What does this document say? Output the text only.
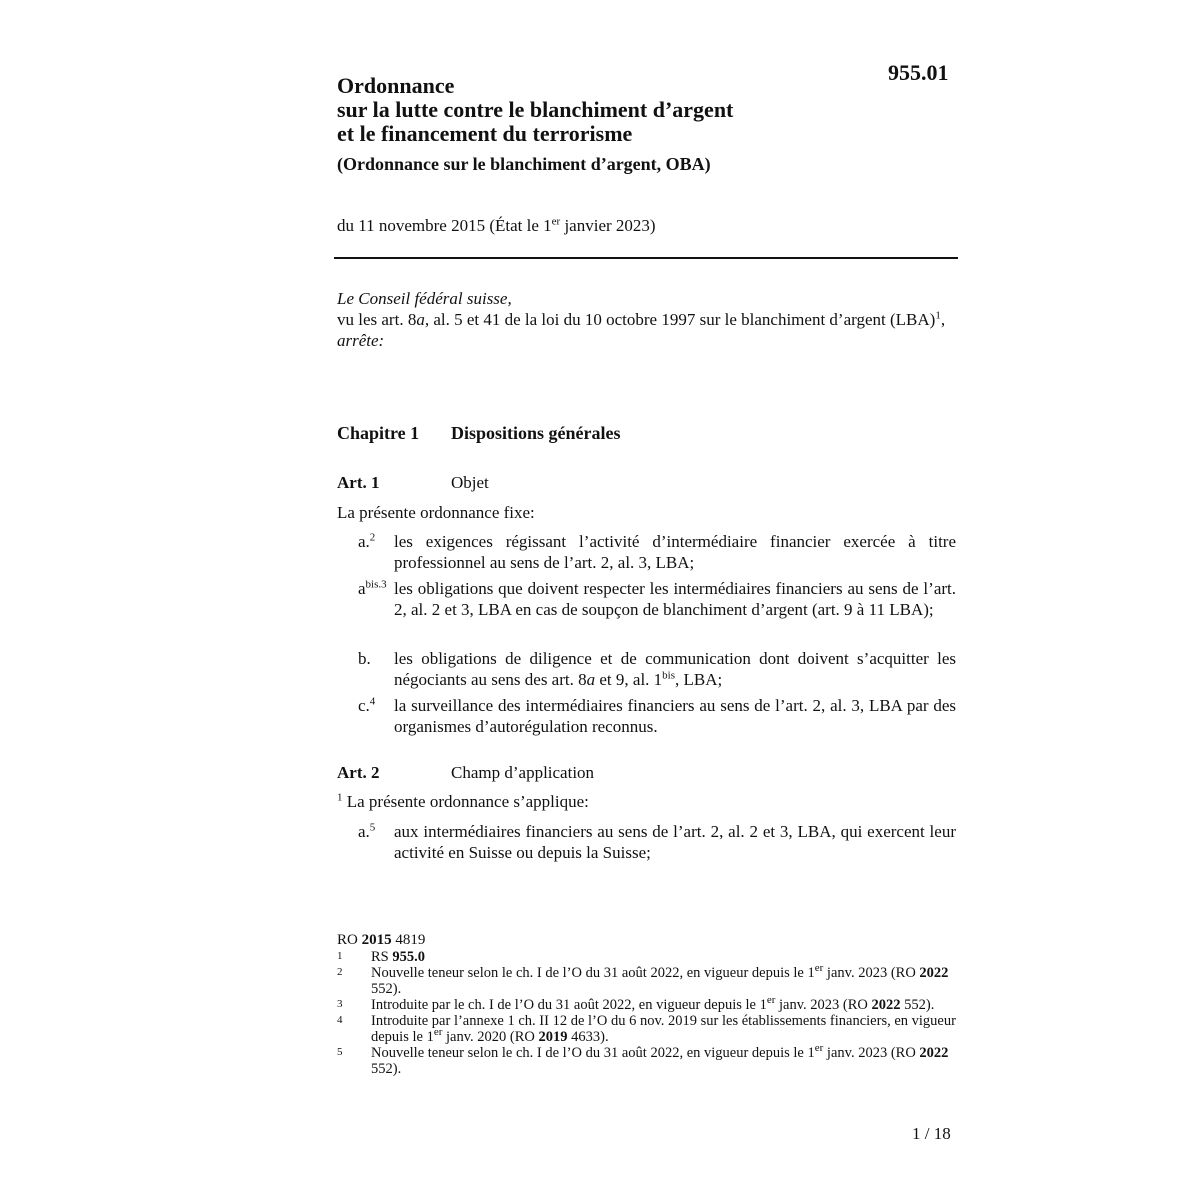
955.01
Ordonnance
sur la lutte contre le blanchiment d’argent
et le financement du terrorisme
(Ordonnance sur le blanchiment d’argent, OBA)
du 11 novembre 2015 (État le 1er janvier 2023)

Le Conseil fédéral suisse,

vu les art. 8a, al. 5 et 41 de la loi du 10 octobre 1997 sur le blanchiment d’argent (LBA)$^1$,

arrête:

Chapitre 1 Dispositions générales
Art. 1	Objet
La présente ordonnance fixe:
a.$^2$	les exigences régissant l’activité d’intermédiaire financier exercée à titre professionnel au sens de l’art. 2, al. 3, LBA;
$a^{bis.3}$ les obligations que doivent respecter les intermédiaires financiers au sens de l’art. 2, al. 2 et 3, LBA en cas de soupçon de blanchiment d’argent (art. 9 à 11 LBA);
b.	les obligations de diligence et de communication dont doivent s’acquitter les négociants au sens des art. 8a et 9, al. $1^{bis}$, LBA;
c.$^4$	la surveillance des intermédiaires financiers au sens de l’art. 2, al. 3, LBA par des organismes d’autorégulation reconnus.
Art. 2	Champ d’application
$^1$ La présente ordonnance s’applique:
a.$^5$	aux intermédiaires financiers au sens de l’art. 2, al. 2 et 3, LBA, qui exercent leur activité en Suisse ou depuis la Suisse;
RO 2015 4819
1 RS 955.0
2 Nouvelle teneur selon le ch. I de l’O du 31 août 2022, en vigueur depuis le 1er janv. 2023 (RO 2022 552).
3 Introduite par le ch. I de l’O du 31 août 2022, en vigueur depuis le 1er janv. 2023 (RO 2022 552).
4 Introduite par l’annexe 1 ch. II 12 de l’O du 6 nov. 2019 sur les établissements financiers, en vigueur depuis le 1er janv. 2020 (RO 2019 4633).
5 Nouvelle teneur selon le ch. I de l’O du 31 août 2022, en vigueur depuis le 1er janv. 2023 (RO 2022 552).
1 / 18
